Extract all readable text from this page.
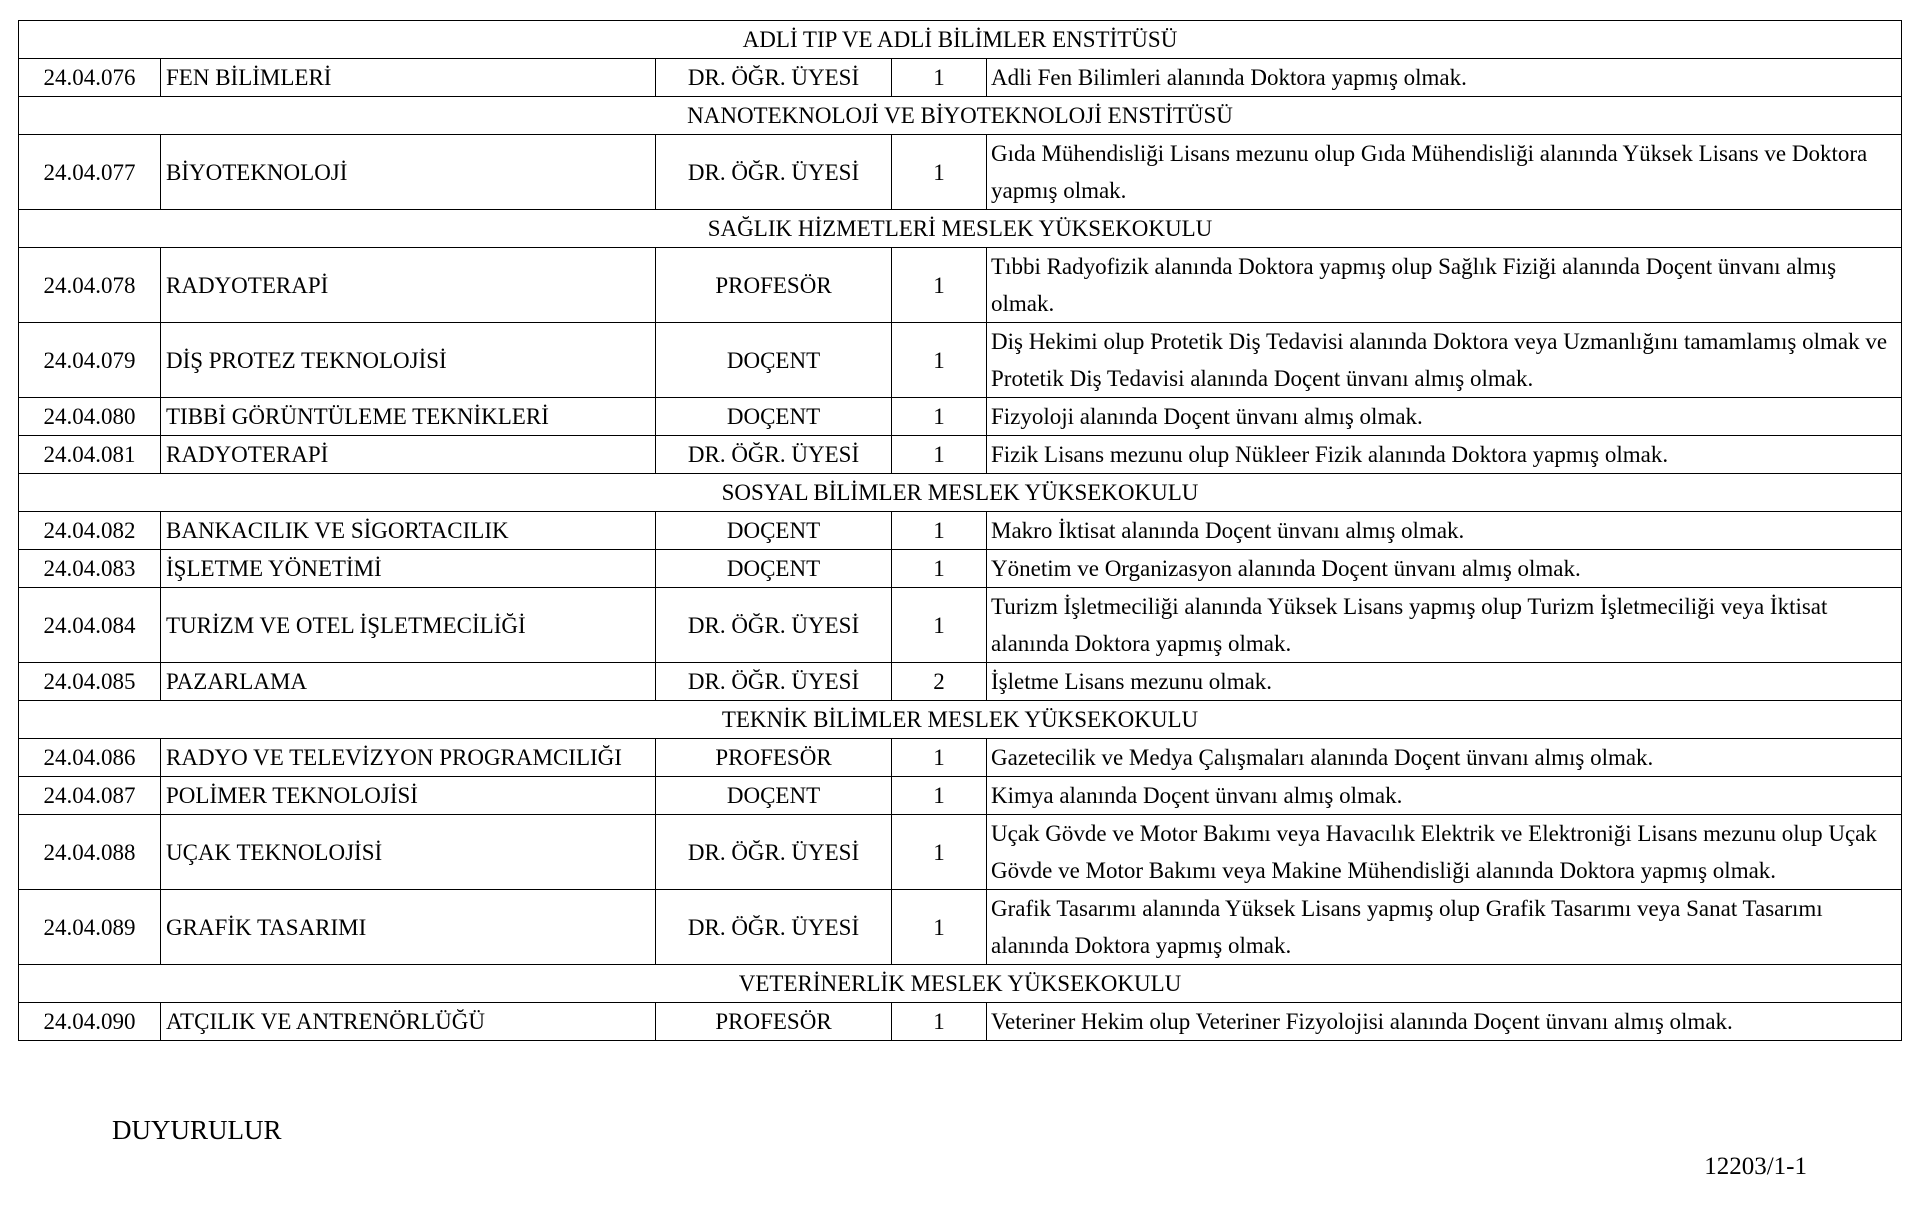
ADLİ TIP VE ADLİ BİLİMLER ENSTİTÜSÜ				
24.04.076	FEN BİLİMLERİ	DR. ÖĞR. ÜYESİ	1	Adli Fen Bilimleri alanında Doktora yapmış olmak.
NANOTEKNOLOJİ VE BİYOTEKNOLOJİ ENSTİTÜSÜ				
24.04.077	BİYOTEKNOLOJİ	DR. ÖĞR. ÜYESİ	1	Gıda Mühendisliği Lisans mezunu olup Gıda Mühendisliği alanında Yüksek Lisans ve Doktora yapmış olmak.
SAĞLIK HİZMETLERİ MESLEK YÜKSEKOKULU				
24.04.078	RADYOTERAPİ	PROFESÖR	1	Tıbbi Radyofizik alanında Doktora yapmış olup Sağlık Fiziği alanında Doçent ünvanı almış olmak.
24.04.079	DİŞ PROTEZ TEKNOLOJİSİ	DOÇENT	1	Diş Hekimi olup Protetik Diş Tedavisi alanında Doktora veya Uzmanlığını tamamlamış olmak ve Protetik Diş Tedavisi alanında Doçent ünvanı almış olmak.
24.04.080	TIBBİ GÖRÜNTÜLEME TEKNİKLERİ	DOÇENT	1	Fizyoloji alanında Doçent ünvanı almış olmak.
24.04.081	RADYOTERAPİ	DR. ÖĞR. ÜYESİ	1	Fizik Lisans mezunu olup Nükleer Fizik alanında Doktora yapmış olmak.
SOSYAL BİLİMLER MESLEK YÜKSEKOKULU				
24.04.082	BANKACILIK VE SİGORTACILIK	DOÇENT	1	Makro İktisat alanında Doçent ünvanı almış olmak.
24.04.083	İŞLETME YÖNETİMİ	DOÇENT	1	Yönetim ve Organizasyon alanında Doçent ünvanı almış olmak.
24.04.084	TURİZM VE OTEL İŞLETMECİLİĞİ	DR. ÖĞR. ÜYESİ	1	Turizm İşletmeciliği alanında Yüksek Lisans yapmış olup Turizm İşletmeciliği veya İktisat alanında Doktora yapmış olmak.
24.04.085	PAZARLAMA	DR. ÖĞR. ÜYESİ	2	İşletme Lisans mezunu olmak.
TEKNİK BİLİMLER MESLEK YÜKSEKOKULU				
24.04.086	RADYO VE TELEVİZYON PROGRAMCILIĞI	PROFESÖR	1	Gazetecilik ve Medya Çalışmaları alanında Doçent ünvanı almış olmak.
24.04.087	POLİMER TEKNOLOJİSİ	DOÇENT	1	Kimya alanında Doçent ünvanı almış olmak.
24.04.088	UÇAK TEKNOLOJİSİ	DR. ÖĞR. ÜYESİ	1	Uçak Gövde ve Motor Bakımı veya Havacılık Elektrik ve Elektroniği Lisans mezunu olup Uçak Gövde ve Motor Bakımı veya Makine Mühendisliği alanında Doktora yapmış olmak.
24.04.089	GRAFİK TASARIMI	DR. ÖĞR. ÜYESİ	1	Grafik Tasarımı alanında Yüksek Lisans yapmış olup Grafik Tasarımı veya Sanat Tasarımı alanında Doktora yapmış olmak.
VETERİNERLİK MESLEK YÜKSEKOKULU				
24.04.090	ATÇILIK VE ANTRENÖRLÜĞÜ	PROFESÖR	1	Veteriner Hekim olup Veteriner Fizyolojisi alanında Doçent ünvanı almış olmak.
DUYURULUR
12203/1-1
